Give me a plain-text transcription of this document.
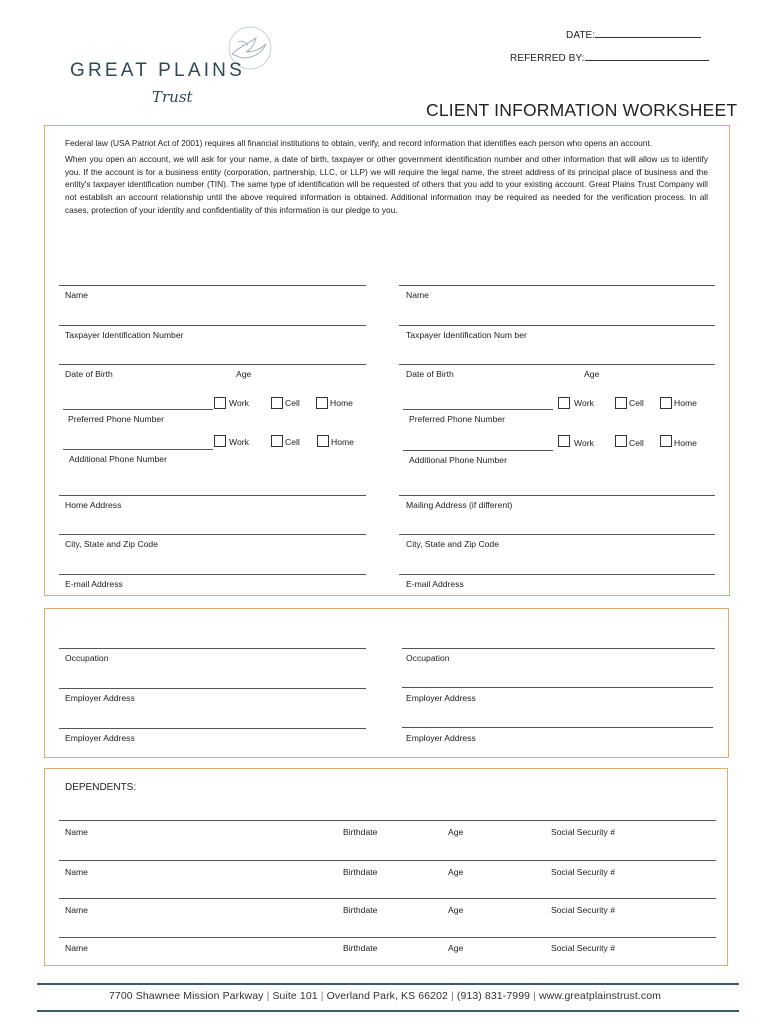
DATE:
REFERRED BY:
GREAT PLAINS
Trust
CLIENT INFORMATION WORKSHEET

Federal law (USA Patriot Act of 2001) requires all financial institutions to obtain, verify, and record information that identifies each person who opens an account.

When you open an account, we will ask for your name, a date of birth, taxpayer or other government identification number and other information that will allow us to identify you. If the account is for a business entity (corporation, partnership, LLC, or LLP) we will require the legal name, the street address of its principal place of business and the entity's taxpayer identification number (TIN). The same type of identification will be requested of others that you add to your existing account. Great Plains Trust Company will not establish an account relationship until the above required information is obtained. Additional information may be required as needed for the verification process. In all cases, protection of your identity and confidentiality of this information is our pledge to you.

Name
Taxpayer Identification Number
Date of Birth	Age
Work	Cell	Home
Preferred Phone Number
Work	Cell	Home
Additional Phone Number
Home Address
City, State and Zip Code
E-mail Address
Name
Taxpayer Identification Num ber
Date of Birth	Age
Work	Cell	Home
Preferred Phone Number
Work	Cell	Home
Additional Phone Number
Mailing Address (if different)
City, State and Zip Code
E-mail Address
Occupation
Employer Address
Employer Address
Occupation
Employer Address
Employer Address
DEPENDENTS:
Name	Birthdate	Age	Social Security #
Name	Birthdate	Age	Social Security #
Name	Birthdate	Age	Social Security #
Name	Birthdate	Age	Social Security #
7700 Shawnee Mission Parkway | Suite 101 | Overland Park, KS 66202 | (913) 831-7999 | www.greatplainstrust.com
